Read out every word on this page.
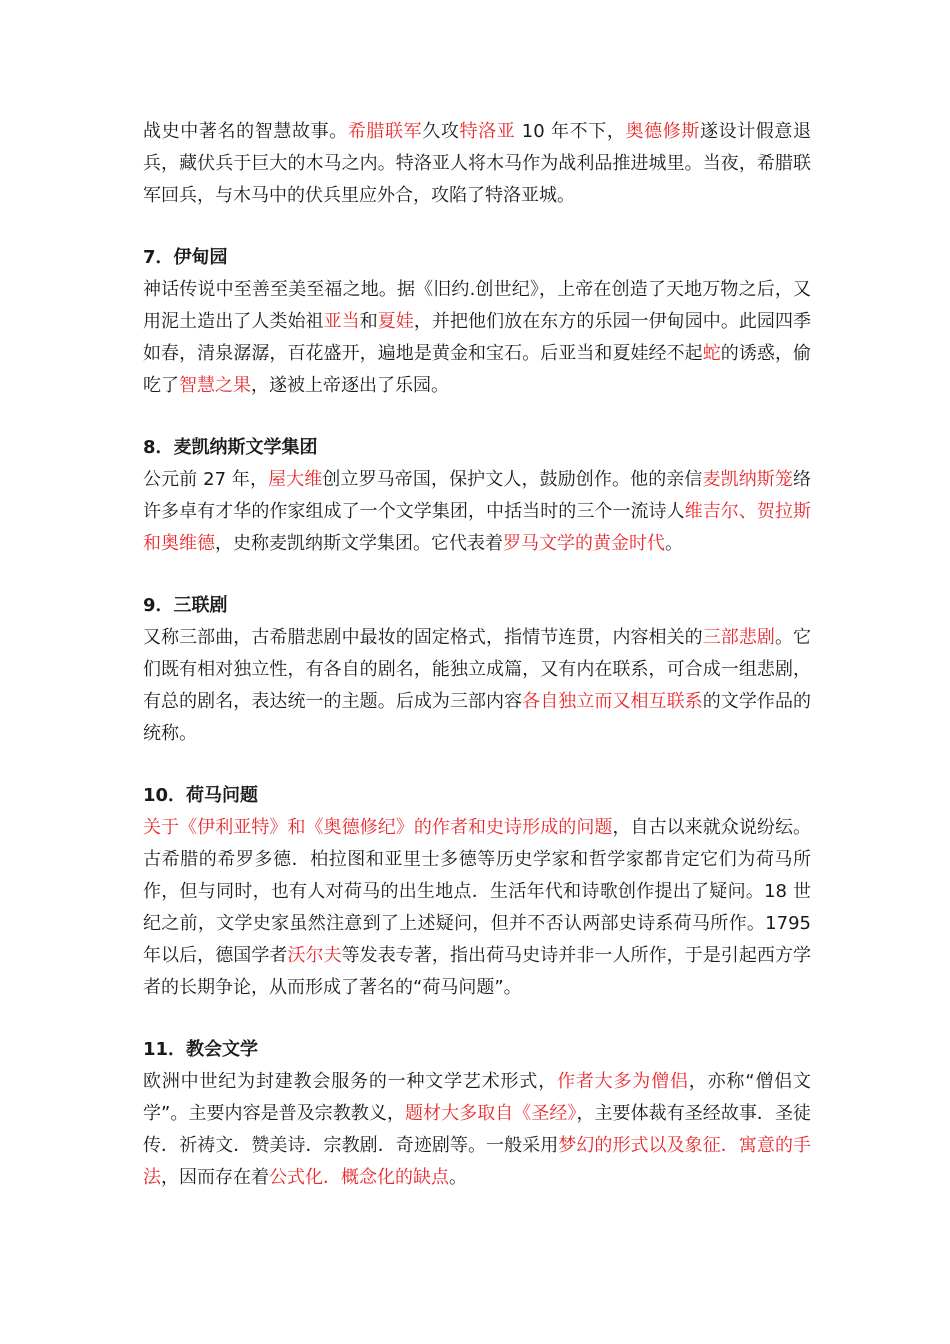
战史中著名的智慧故事。希腊联军久攻特洛亚 10 年不下，奥德修斯遂设计假意退兵，藏伏兵于巨大的木马之内。特洛亚人将木马作为战利品推进城里。当夜，希腊联军回兵，与木马中的伏兵里应外合，攻陷了特洛亚城。

7．伊甸园

神话传说中至善至美至福之地。据《旧约.创世纪》，上帝在创造了天地万物之后，又用泥土造出了人类始祖亚当和夏娃，并把他们放在东方的乐园一伊甸园中。此园四季如春，清泉潺潺，百花盛开，遍地是黄金和宝石。后亚当和夏娃经不起蛇的诱惑，偷吃了智慧之果，遂被上帝逐出了乐园。

8．麦凯纳斯文学集团

公元前 27 年，屋大维创立罗马帝国，保护文人，鼓励创作。他的亲信麦凯纳斯笼络许多卓有才华的作家组成了一个文学集团，中括当时的三个一流诗人维吉尔、贺拉斯和奥维德，史称麦凯纳斯文学集团。它代表着罗马文学的黄金时代。

9．三联剧

又称三部曲，古希腊悲剧中最妆的固定格式，指情节连贯，内容相关的三部悲剧。它们既有相对独立性，有各自的剧名，能独立成篇，又有内在联系，可合成一组悲剧，有总的剧名，表达统一的主题。后成为三部内容各自独立而又相互联系的文学作品的统称。

10．荷马问题

关于《伊利亚特》和《奥德修纪》的作者和史诗形成的问题，自古以来就众说纷纭。古希腊的希罗多德．柏拉图和亚里士多德等历史学家和哲学家都肯定它们为荷马所作，但与同时，也有人对荷马的出生地点．生活年代和诗歌创作提出了疑问。18 世纪之前，文学史家虽然注意到了上述疑问，但并不否认两部史诗系荷马所作。1795 年以后，德国学者沃尔夫等发表专著，指出荷马史诗并非一人所作，于是引起西方学者的长期争论，从而形成了著名的“荷马问题”。

11．教会文学

欧洲中世纪为封建教会服务的一种文学艺术形式，作者大多为僧侣，亦称“僧侣文学”。主要内容是普及宗教教义，题材大多取自《圣经》，主要体裁有圣经故事．圣徒传．祈祷文．赞美诗．宗教剧．奇迹剧等。一般采用梦幻的形式以及象征．寓意的手法，因而存在着公式化．概念化的缺点。
